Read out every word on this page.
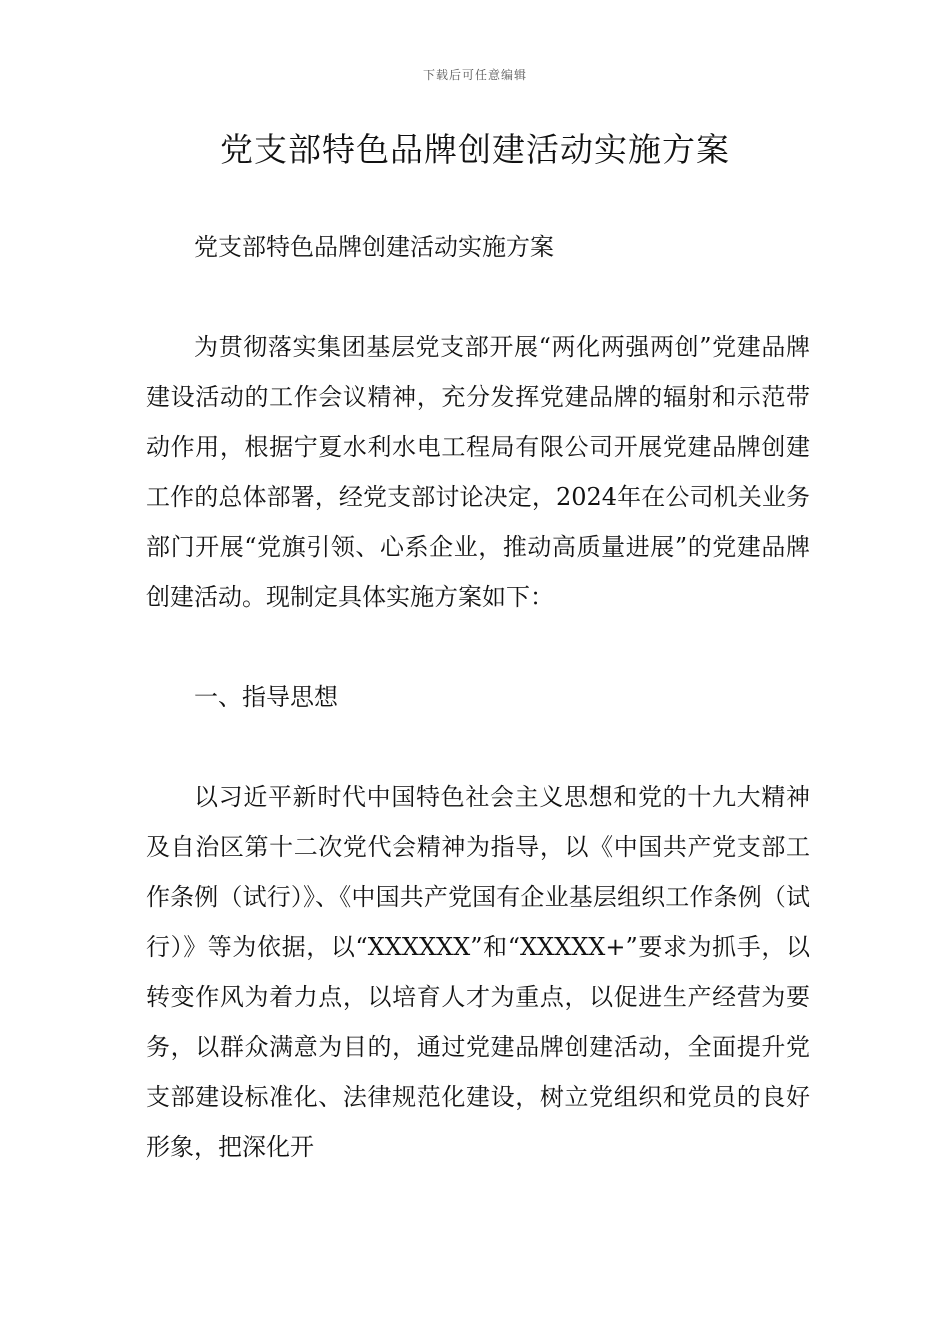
下载后可任意编辑
党支部特色品牌创建活动实施方案

党支部特色品牌创建活动实施方案

为贯彻落实集团基层党支部开展“两化两强两创”党建品牌建设活动的工作会议精神，充分发挥党建品牌的辐射和示范带动作用，根据宁夏水利水电工程局有限公司开展党建品牌创建工作的总体部署，经党支部讨论决定，2024年在公司机关业务部门开展“党旗引领、心系企业，推动高质量进展”的党建品牌创建活动。现制定具体实施方案如下：

一、指导思想

以习近平新时代中国特色社会主义思想和党的十九大精神及自治区第十二次党代会精神为指导，以《中国共产党支部工作条例（试行）》、《中国共产党国有企业基层组织工作条例（试行）》等为依据，以“XXXXXX”和“XXXXX+”要求为抓手，以转变作风为着力点，以培育人才为重点，以促进生产经营为要务，以群众满意为目的，通过党建品牌创建活动，全面提升党支部建设标准化、法律规范化建设，树立党组织和党员的良好形象，把深化开
